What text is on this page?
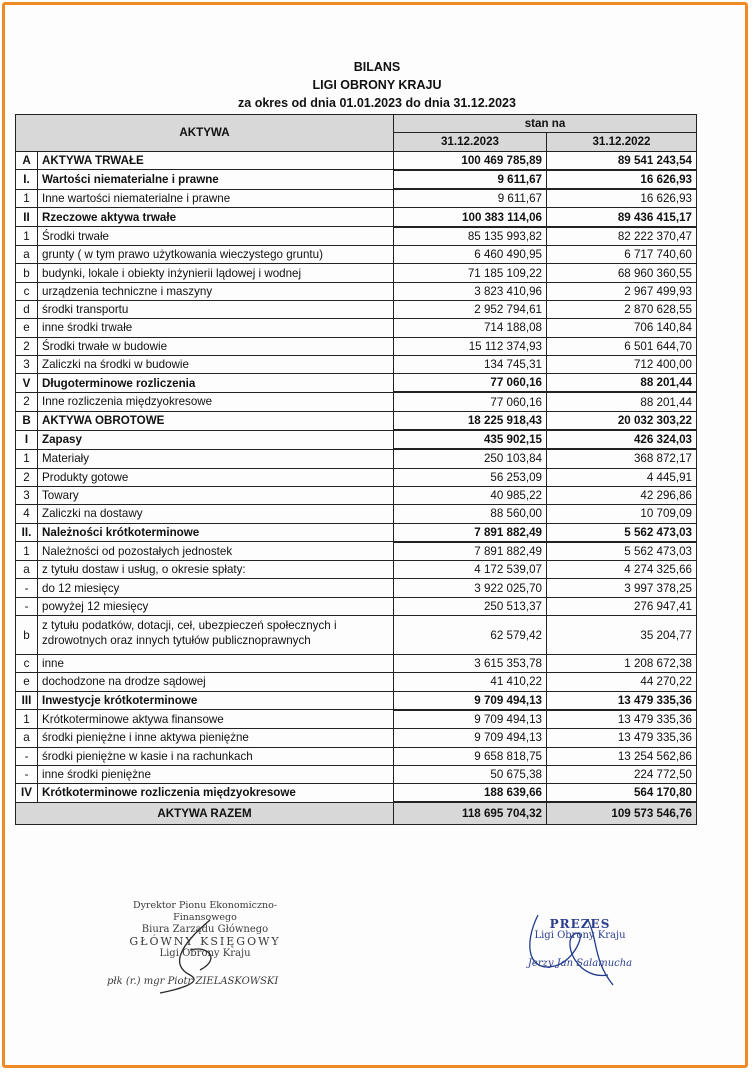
BILANS
LIGI OBRONY KRAJU
za okres od dnia 01.01.2023 do dnia 31.12.2023
AKTYWA		stan na	
		31.12.2023	31.12.2022
A	AKTYWA TRWAŁE	100 469 785,89	89 541 243,54
I.	Wartości niematerialne i prawne	9 611,67	16 626,93
1	Inne wartości niematerialne i prawne	9 611,67	16 626,93
II	Rzeczowe aktywa trwałe	100 383 114,06	89 436 415,17
1	Środki trwałe	85 135 993,82	82 222 370,47
a	grunty ( w tym prawo użytkowania wieczystego gruntu)	6 460 490,95	6 717 740,60
b	budynki, lokale i obiekty inżynierii lądowej i wodnej	71 185 109,22	68 960 360,55
c	urządzenia techniczne i maszyny	3 823 410,96	2 967 499,93
d	środki transportu	2 952 794,61	2 870 628,55
e	inne środki trwałe	714 188,08	706 140,84
2	Środki trwałe w budowie	15 112 374,93	6 501 644,70
3	Zaliczki na środki w budowie	134 745,31	712 400,00
V	Długoterminowe rozliczenia	77 060,16	88 201,44
2	Inne rozliczenia międzyokresowe	77 060,16	88 201,44
B	AKTYWA OBROTOWE	18 225 918,43	20 032 303,22
I	Zapasy	435 902,15	426 324,03
1	Materiały	250 103,84	368 872,17
2	Produkty gotowe	56 253,09	4 445,91
3	Towary	40 985,22	42 296,86
4	Zaliczki na dostawy	88 560,00	10 709,09
II.	Należności krótkoterminowe	7 891 882,49	5 562 473,03
1	Należności od pozostałych jednostek	7 891 882,49	5 562 473,03
a	z tytułu dostaw i usług, o okresie spłaty:	4 172 539,07	4 274 325,66
-	do 12 miesięcy	3 922 025,70	3 997 378,25
-	powyżej 12 miesięcy	250 513,37	276 947,41
b	z tytułu podatków, dotacji, ceł, ubezpieczeń społecznych i zdrowotnych oraz innych tytułów publicznoprawnych	62 579,42	35 204,77
c	inne	3 615 353,78	1 208 672,38
e	dochodzone na drodze sądowej	41 410,22	44 270,22
III	Inwestycje krótkoterminowe	9 709 494,13	13 479 335,36
1	Krótkoterminowe aktywa finansowe	9 709 494,13	13 479 335,36
a	środki pieniężne i inne aktywa pieniężne	9 709 494,13	13 479 335,36
-	środki pieniężne w kasie i na rachunkach	9 658 818,75	13 254 562,86
-	inne środki pieniężne	50 675,38	224 772,50
IV	Krótkoterminowe rozliczenia międzyokresowe	188 639,66	564 170,80
AKTYWA RAZEM		118 695 704,32	109 573 546,76
Dyrektor Pionu Ekonomiczno-Finansowego
Biura Zarządu Głównego
GŁÓWNY KSIĘGOWY
Ligi Obrony Kraju
płk (r.) mgr Piotr ZIELASKOWSKI
PREZES
Ligi Obrony Kraju
Jerzy Jan Salamucha
